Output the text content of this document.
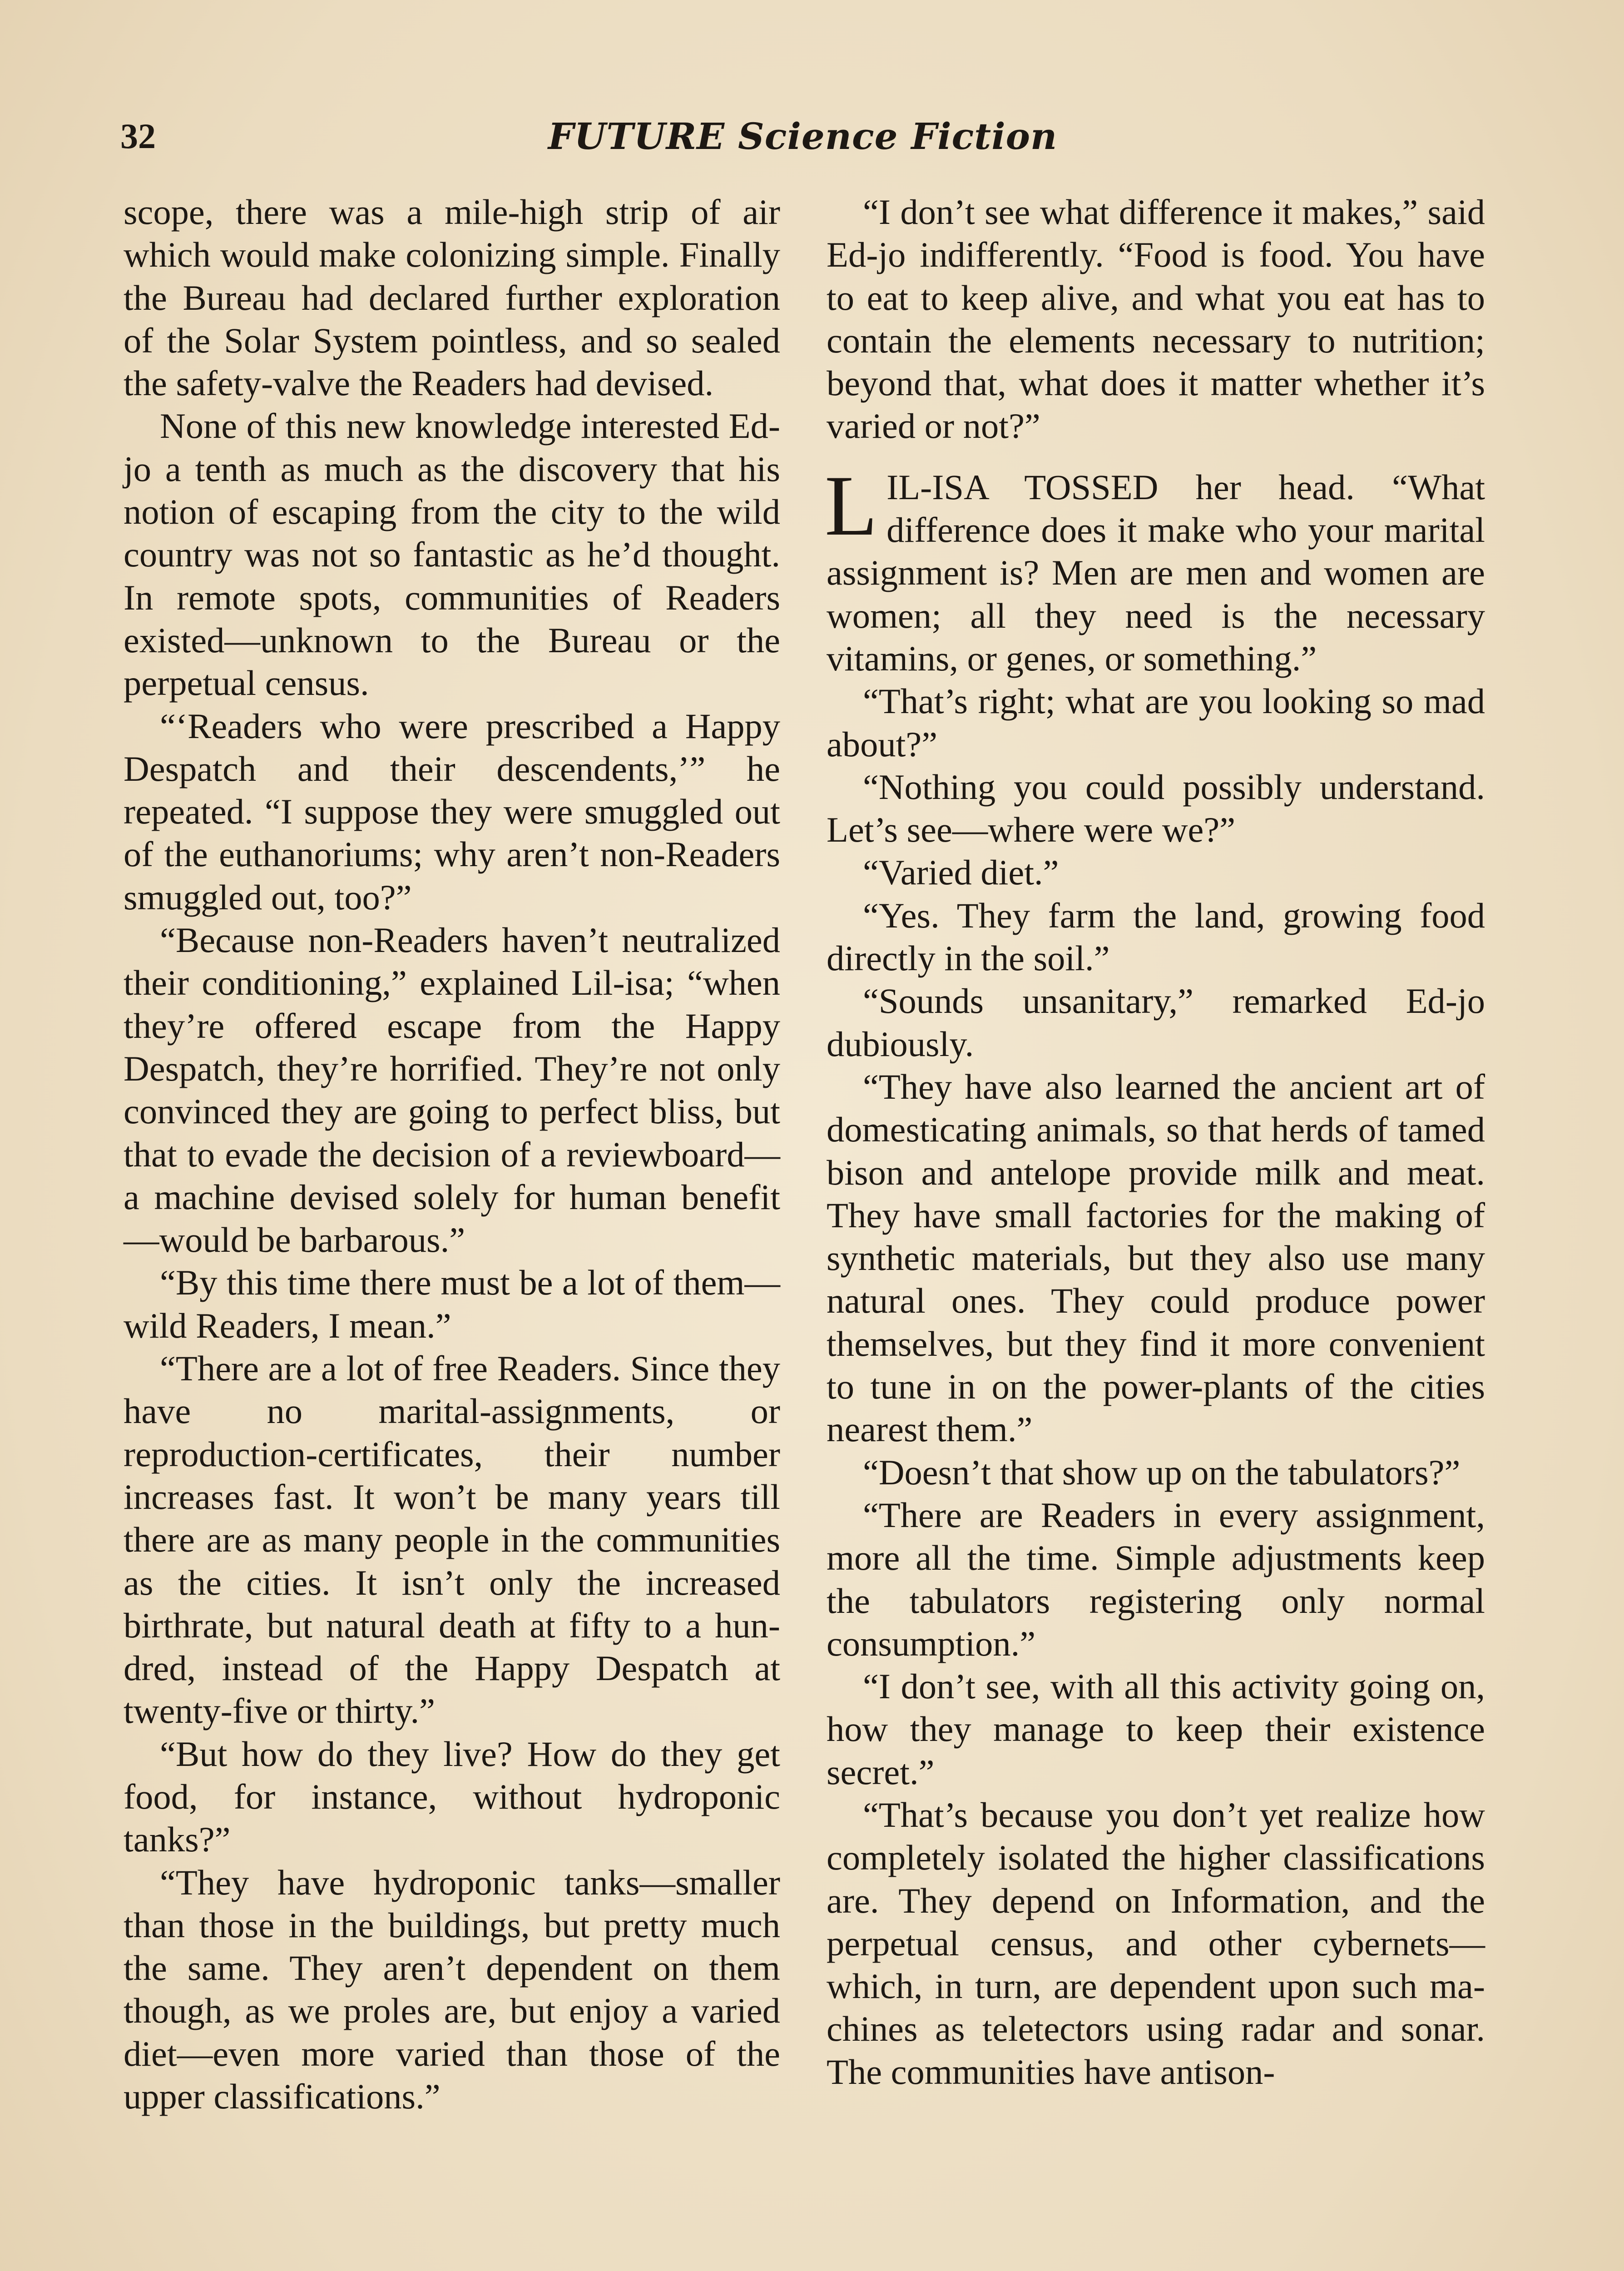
32	FUTURE Science Fiction

scope, there was a mile-high strip of air which would make colonizing simple. Finally the Bureau had declared further exploration of the Solar System pointless, and so sealed the safety-valve the Readers had devised.

None of this new knowledge interested Ed-jo a tenth as much as the discovery that his notion of escaping from the city to the wild country was not so fantastic as he’d thought. In remote spots, communities of Readers existed—unknown to the Bureau or the perpetual census.

“‘Readers who were prescribed a Happy Despatch and their descendents,’” he repeated. “I suppose they were smuggled out of the euthanoriums; why aren’t non-Readers smuggled out, too?”

“Because non-Readers haven’t neutralized their conditioning,” explained Lil-isa; “when they’re offered escape from the Happy Despatch, they’re horrified. They’re not only convinced they are going to perfect bliss, but that to evade the decision of a reviewboard—a machine devised solely for human benefit—would be barbarous.”

“By this time there must be a lot of them—wild Readers, I mean.”

“There are a lot of free Readers. Since they have no marital-assignments, or reproduction-certificates, their number increases fast. It won’t be many years till there are as many people in the communities as the cities. It isn’t only the increased birthrate, but natural death at fifty to a hundred, instead of the Happy Despatch at twenty-five or thirty.”

“But how do they live? How do they get food, for instance, without hydroponic tanks?”

“They have hydroponic tanks—smaller than those in the buildings, but pretty much the same. They aren’t dependent on them though, as we proles are, but enjoy a varied diet—even more varied than those of the upper classifications.”

“I don’t see what difference it makes,” said Ed-jo indifferently. “Food is food. You have to eat to keep alive, and what you eat has to contain the elements necessary to nutrition; beyond that, what does it matter whether it’s varied or not?”

LIL-ISA TOSSED her head. “What difference does it make who your marital assignment is? Men are men and women are women; all they need is the necessary vitamins, or genes, or something.”

“That’s right; what are you looking so mad about?”

“Nothing you could possibly understand. Let’s see—where were we?”

“Varied diet.”

“Yes. They farm the land, growing food directly in the soil.”

“Sounds unsanitary,” remarked Ed-jo dubiously.

“They have also learned the ancient art of domesticating animals, so that herds of tamed bison and antelope provide milk and meat. They have small factories for the making of synthetic materials, but they also use many natural ones. They could produce power themselves, but they find it more convenient to tune in on the power-plants of the cities nearest them.”

“Doesn’t that show up on the tabulators?”

“There are Readers in every assignment, more all the time. Simple adjustments keep the tabulators registering only normal consumption.”

“I don’t see, with all this activity going on, how they manage to keep their existence secret.”

“That’s because you don’t yet realize how completely isolated the higher classifications are. They depend on Information, and the perpetual census, and other cybernets—which, in turn, are dependent upon such machines as teletectors using radar and sonar. The communities have antison-
